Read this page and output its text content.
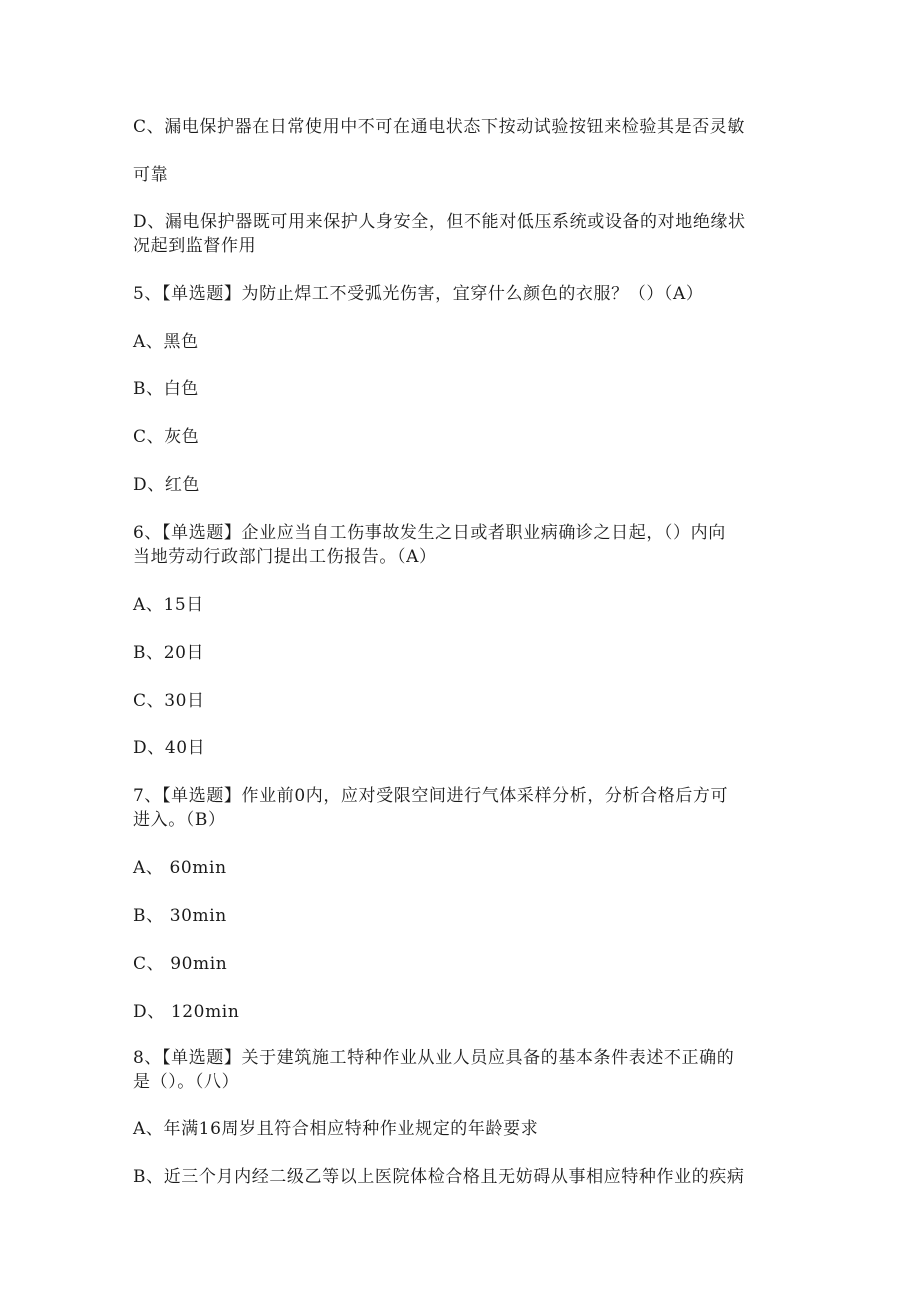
C、漏电保护器在日常使用中不可在通电状态下按动试验按钮来检验其是否灵敏
可靠
D、漏电保护器既可用来保护人身安全，但不能对低压系统或设备的对地绝缘状
况起到监督作用
5、【单选题】为防止焊工不受弧光伤害，宜穿什么颜色的衣服？（）（A）
A、黑色
B、白色
C、灰色
D、红色
6、【单选题】企业应当自工伤事故发生之日或者职业病确诊之日起，（）内向
当地劳动行政部门提出工伤报告。（A）
A、15日
B、20日
C、30日
D、40日
7、【单选题】作业前0内，应对受限空间进行气体采样分析，分析合格后方可
进入。（B）
A、 60min
B、 30min
C、 90min
D、 120min
8、【单选题】关于建筑施工特种作业从业人员应具备的基本条件表述不正确的
是（）。（八）
A、年满16周岁且符合相应特种作业规定的年龄要求
B、近三个月内经二级乙等以上医院体检合格且无妨碍从事相应特种作业的疾病
